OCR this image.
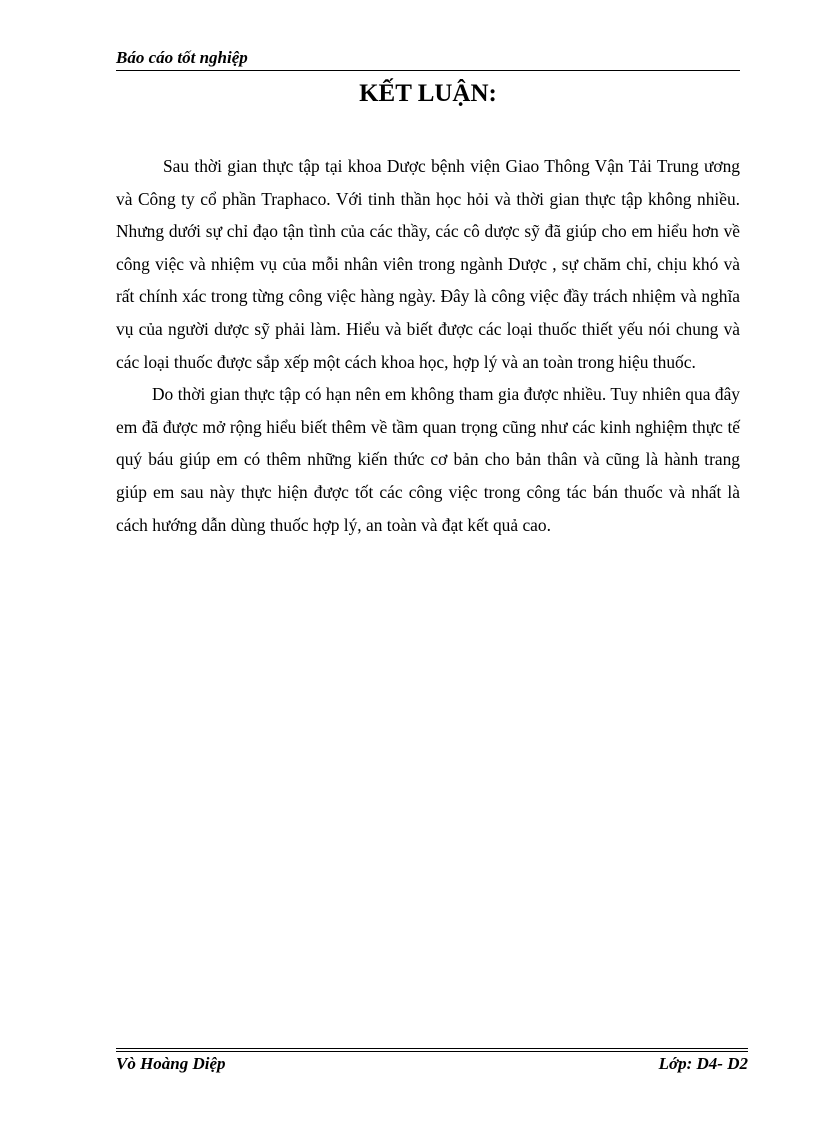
Báo cáo tốt nghiệp
KẾT LUẬN:

Sau thời gian thực tập tại khoa Dược bệnh viện Giao Thông Vận Tải Trung ương và Công ty cổ phần Traphaco. Với tinh thần học hỏi và thời gian thực tập không nhiều. Nhưng dưới sự chỉ đạo tận tình của các thầy, các cô dược sỹ đã giúp cho em hiểu hơn về công việc và nhiệm vụ của mỗi nhân viên trong ngành Dược , sự chăm chỉ, chịu khó và rất chính xác trong từng công việc hàng ngày. Đây là công việc đầy trách nhiệm và nghĩa vụ của người dược sỹ phải làm. Hiểu và biết được các loại thuốc thiết yếu nói chung và các loại thuốc được sắp xếp một cách khoa học, hợp lý và an toàn trong hiệu thuốc.

Do thời gian thực tập có hạn nên em không tham gia được nhiều. Tuy nhiên qua đây em đã được mở rộng hiểu biết thêm về tầm quan trọng cũng như các kinh nghiệm thực tế quý báu giúp em có thêm những kiến thức cơ bản cho bản thân và cũng là hành trang giúp em sau này thực hiện được tốt các công việc trong công tác bán thuốc và nhất là cách hướng dẫn dùng thuốc hợp lý, an toàn và đạt kết quả cao.

Vò Hoàng Diệp	Lớp: D4- D2
